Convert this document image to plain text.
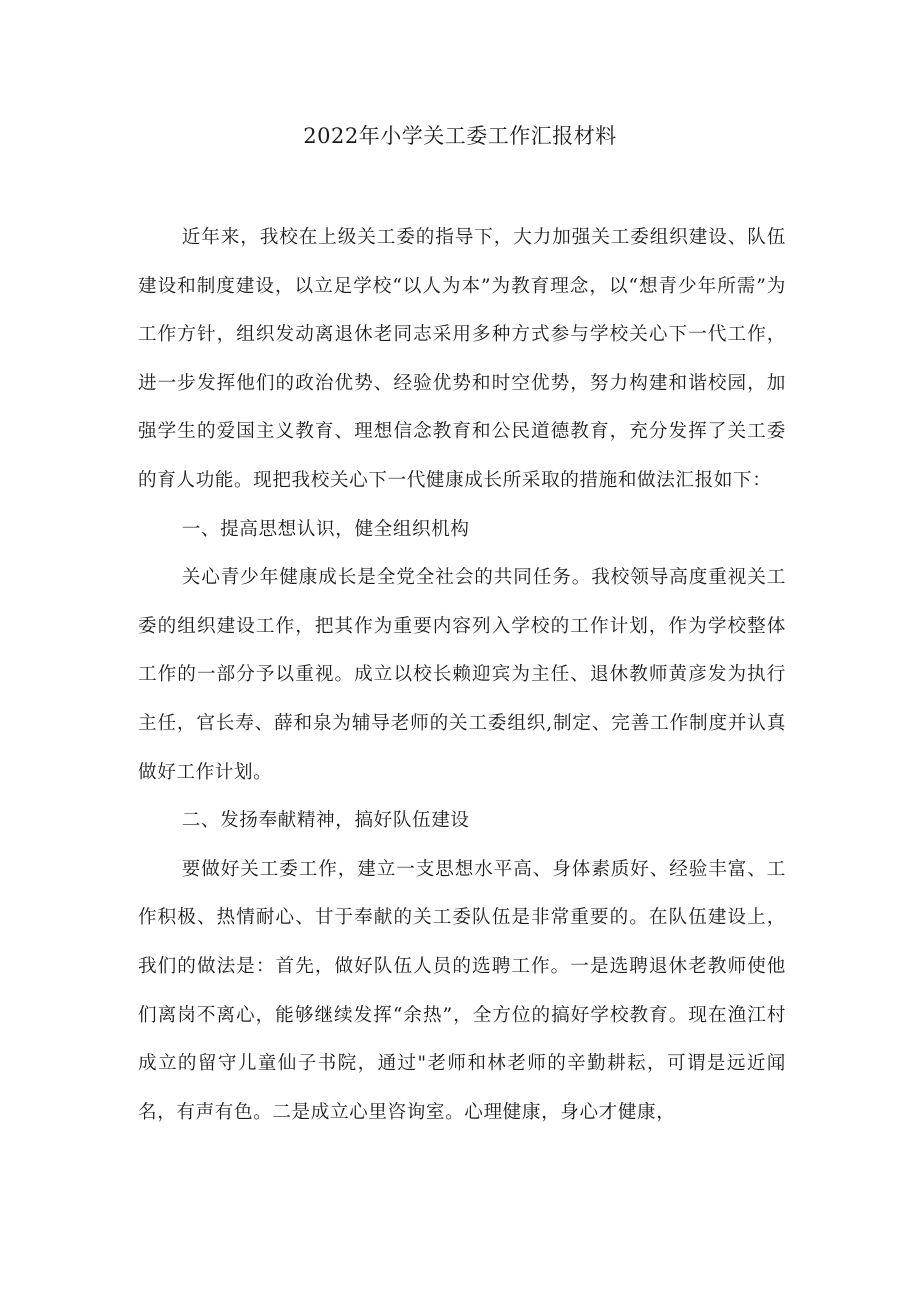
2022年小学关工委工作汇报材料

近年来，我校在上级关工委的指导下，大力加强关工委组织建设、队伍建设和制度建设，以立足学校“以人为本”为教育理念，以“想青少年所需”为工作方针，组织发动离退休老同志采用多种方式参与学校关心下一代工作，进一步发挥他们的政治优势、经验优势和时空优势，努力构建和谐校园，加强学生的爱国主义教育、理想信念教育和公民道德教育，充分发挥了关工委的育人功能。现把我校关心下一代健康成长所采取的措施和做法汇报如下：

一、提高思想认识，健全组织机构

关心青少年健康成长是全党全社会的共同任务。我校领导高度重视关工委的组织建设工作，把其作为重要内容列入学校的工作计划，作为学校整体工作的一部分予以重视。成立以校长赖迎宾为主任、退休教师黄彦发为执行主任，官长寿、薛和泉为辅导老师的关工委组织,制定、完善工作制度并认真做好工作计划。

二、发扬奉献精神，搞好队伍建设

要做好关工委工作，建立一支思想水平高、身体素质好、经验丰富、工作积极、热情耐心、甘于奉献的关工委队伍是非常重要的。在队伍建设上，我们的做法是：首先，做好队伍人员的选聘工作。一是选聘退休老教师使他们离岗不离心，能够继续发挥“余热”，全方位的搞好学校教育。现在渔江村成立的留守儿童仙子书院，通过"老师和林老师的辛勤耕耘，可谓是远近闻名，有声有色。二是成立心里咨询室。心理健康，身心才健康，
